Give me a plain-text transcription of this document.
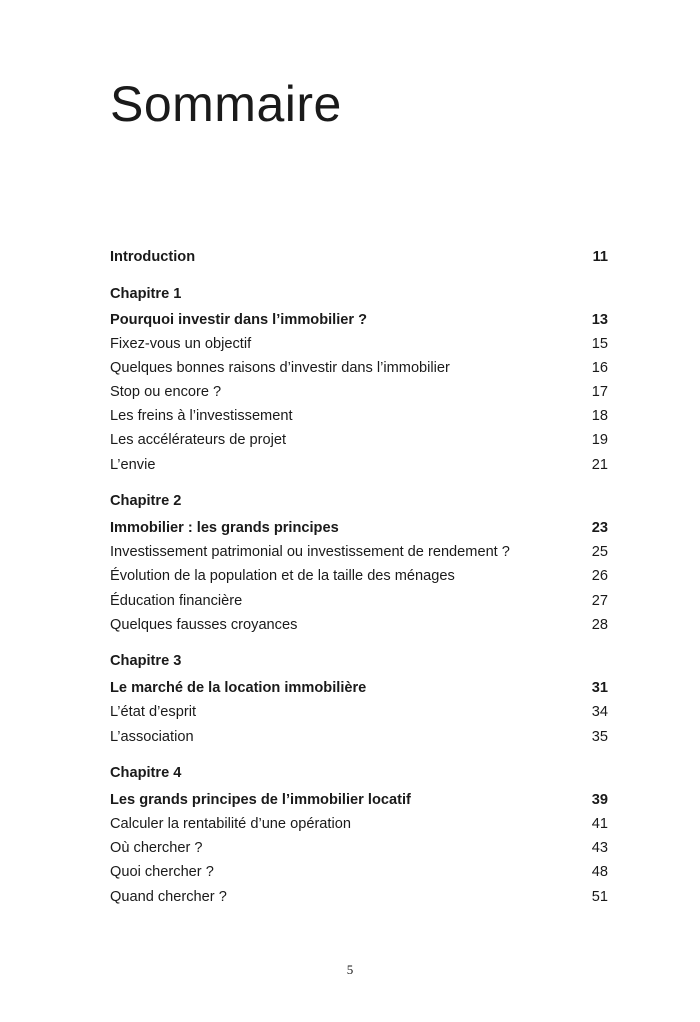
Sommaire
Introduction	11
Chapitre 1
Pourquoi investir dans l’immobilier ?	13
Fixez-vous un objectif	15
Quelques bonnes raisons d’investir dans l’immobilier	16
Stop ou encore ?	17
Les freins à l’investissement	18
Les accélérateurs de projet	19
L’envie	21
Chapitre 2
Immobilier : les grands principes	23
Investissement patrimonial ou investissement de rendement ?	25
Évolution de la population et de la taille des ménages	26
Éducation financière	27
Quelques fausses croyances	28
Chapitre 3
Le marché de la location immobilière	31
L’état d’esprit	34
L’association	35
Chapitre 4
Les grands principes de l’immobilier locatif	39
Calculer la rentabilité d’une opération	41
Où chercher ?	43
Quoi chercher ?	48
Quand chercher ?	51
5
